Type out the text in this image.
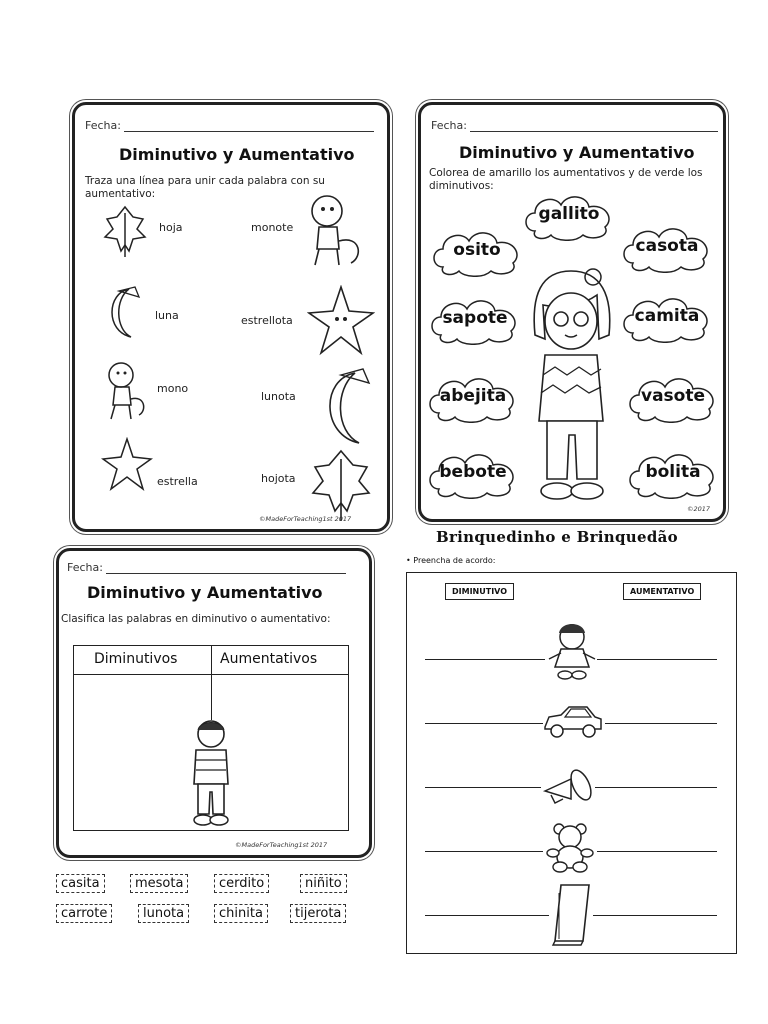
Fecha:
Diminutivo y Aumentativo
Traza una línea para unir cada palabra con su aumentativo:
hoja
luna
mono
estrella
monote
estrellota
lunota
hojota
©MadeForTeaching1st 2017
Fecha:
Diminutivo y Aumentativo
Colorea de amarillo los aumentativos y de verde los diminutivos:
gallito
osito	casota
sapote	camita
abejita	vasote
bebote	bolita
©2017
Brinquedinho e Brinquedão
Fecha:
Diminutivo y Aumentativo
Clasifica las palabras en diminutivo o aumentativo:
Diminutivos	Aumentativos
©MadeForTeaching1st 2017
casita	mesota	cerdito	niñito
carrote	lunota	chinita	tijerota
• Preencha de acordo:
DIMINUTIVO	AUMENTATIVO
